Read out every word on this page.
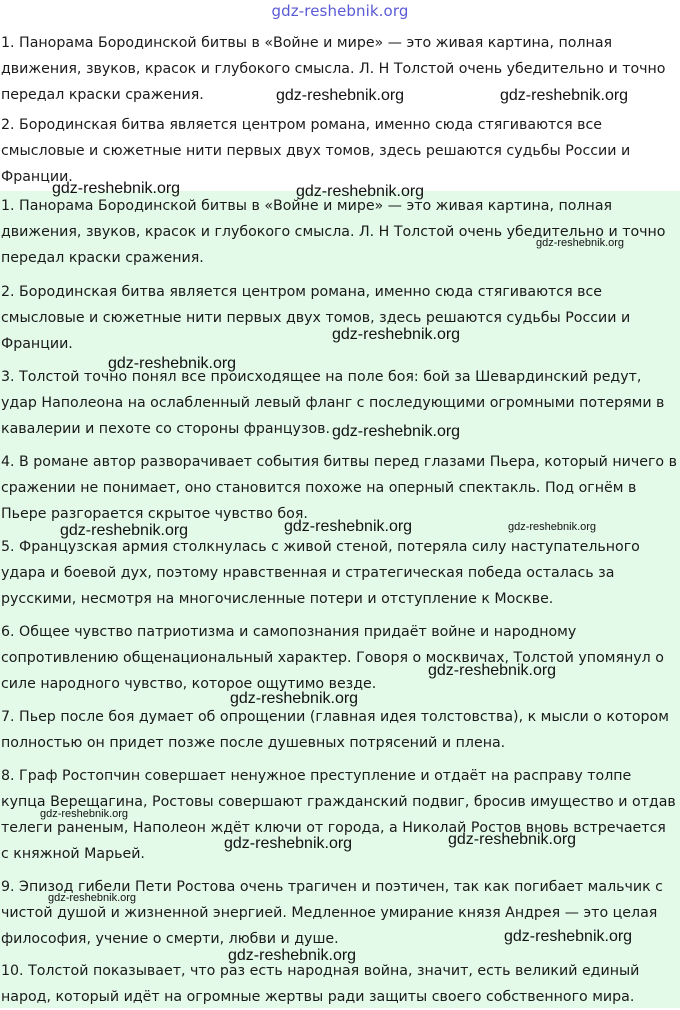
gdz-reshebnik.org
1. Панорама Бородинской битвы в «Войне и мире» — это живая картина, полная движения, звуков, красок и глубокого смысла. Л. Н Толстой очень убедительно и точно передал краски сражения.
2. Бородинская битва является центром романа, именно сюда стягиваются все смысловые и сюжетные нити первых двух томов, здесь решаются судьбы России и Франции.
1. Панорама Бородинской битвы в «Войне и мире» — это живая картина, полная движения, звуков, красок и глубокого смысла. Л. Н Толстой очень убедительно и точно передал краски сражения.
2. Бородинская битва является центром романа, именно сюда стягиваются все смысловые и сюжетные нити первых двух томов, здесь решаются судьбы России и Франции.
3. Толстой точно понял все происходящее на поле боя: бой за Шевардинский редут, удар Наполеона на ослабленный левый фланг с последующими огромными потерями в кавалерии и пехоте со стороны французов.
4. В романе автор разворачивает события битвы перед глазами Пьера, который ничего в сражении не понимает, оно становится похоже на оперный спектакль. Под огнём в Пьере разгорается скрытое чувство боя.
5. Французская армия столкнулась с живой стеной, потеряла силу наступательного удара и боевой дух, поэтому нравственная и стратегическая победа осталась за русскими, несмотря на многочисленные потери и отступление к Москве.
6. Общее чувство патриотизма и самопознания придаёт войне и народному сопротивлению общенациональный характер. Говоря о москвичах, Толстой упомянул о силе народного чувство, которое ощутимо везде.
7. Пьер после боя думает об опрощении (главная идея толстовства), к мысли о котором полностью он придет позже после душевных потрясений и плена.
8. Граф Ростопчин совершает ненужное преступление и отдаёт на расправу толпе купца Верещагина, Ростовы совершают гражданский подвиг, бросив имущество и отдав телеги раненым, Наполеон ждёт ключи от города, а Николай Ростов вновь встречается с княжной Марьей.
9. Эпизод гибели Пети Ростова очень трагичен и поэтичен, так как погибает мальчик с чистой душой и жизненной энергией. Медленное умирание князя Андрея — это целая философия, учение о смерти, любви и душе.
10. Толстой показывает, что раз есть народная война, значит, есть великий единый народ, который идёт на огромные жертвы ради защиты своего собственного мира.
gdz-reshebnik.org	gdz-reshebnik.org
gdz-reshebnik.org	gdz-reshebnik.org
gdz-reshebnik.org
gdz-reshebnik.org
gdz-reshebnik.org
gdz-reshebnik.org
gdz-reshebnik.org	gdz-reshebnik.org	gdz-reshebnik.org
gdz-reshebnik.org
gdz-reshebnik.org
gdz-reshebnik.org
gdz-reshebnik.org	gdz-reshebnik.org
gdz-reshebnik.org
gdz-reshebnik.org
gdz-reshebnik.org
